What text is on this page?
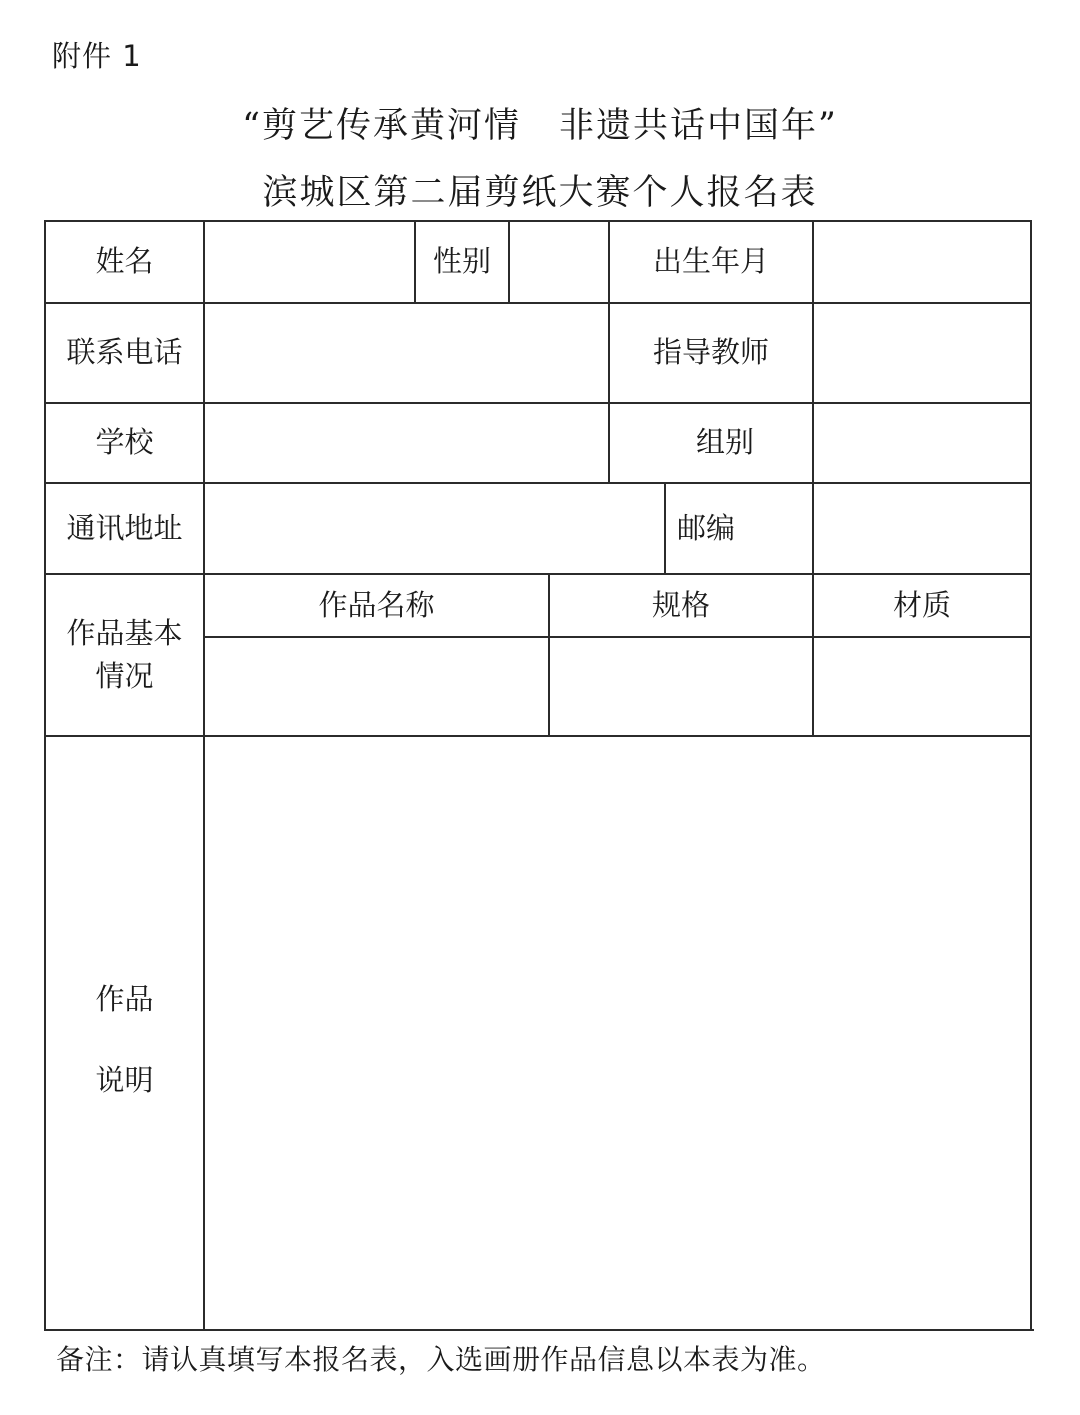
附件 1
“剪艺传承黄河情 非遗共话中国年”
滨城区第二届剪纸大赛个人报名表
姓名	性别	出生年月
联系电话	指导教师
学校	组别
通讯地址	邮编
作品基本
情况
作品名称	规格	材质
作品
说明
备注：请认真填写本报名表，入选画册作品信息以本表为准。
